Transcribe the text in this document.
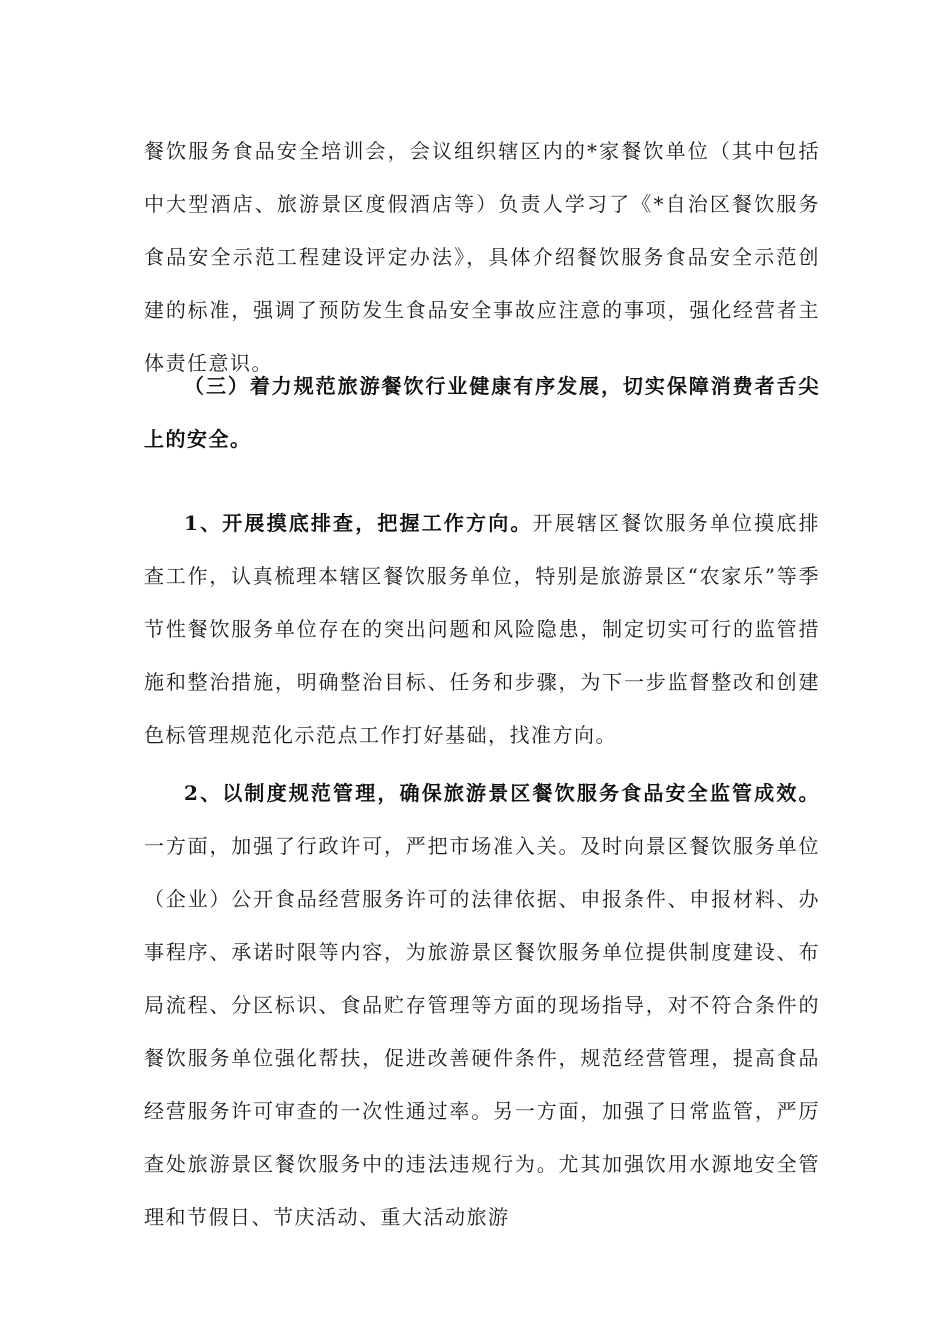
餐饮服务食品安全培训会，会议组织辖区内的*家餐饮单位（其中包括中大型酒店、旅游景区度假酒店等）负责人学习了《*自治区餐饮服务食品安全示范工程建设评定办法》，具体介绍餐饮服务食品安全示范创建的标准，强调了预防发生食品安全事故应注意的事项，强化经营者主体责任意识。

（三）着力规范旅游餐饮行业健康有序发展，切实保障消费者舌尖上的安全。

1、开展摸底排查，把握工作方向。开展辖区餐饮服务单位摸底排查工作，认真梳理本辖区餐饮服务单位，特别是旅游景区“农家乐”等季节性餐饮服务单位存在的突出问题和风险隐患，制定切实可行的监管措施和整治措施，明确整治目标、任务和步骤，为下一步监督整改和创建色标管理规范化示范点工作打好基础，找准方向。

2、以制度规范管理，确保旅游景区餐饮服务食品安全监管成效。一方面，加强了行政许可，严把市场准入关。及时向景区餐饮服务单位（企业）公开食品经营服务许可的法律依据、申报条件、申报材料、办事程序、承诺时限等内容，为旅游景区餐饮服务单位提供制度建设、布局流程、分区标识、食品贮存管理等方面的现场指导，对不符合条件的餐饮服务单位强化帮扶，促进改善硬件条件，规范经营管理，提高食品经营服务许可审查的一次性通过率。另一方面，加强了日常监管，严厉查处旅游景区餐饮服务中的违法违规行为。尤其加强饮用水源地安全管理和节假日、节庆活动、重大活动旅游
